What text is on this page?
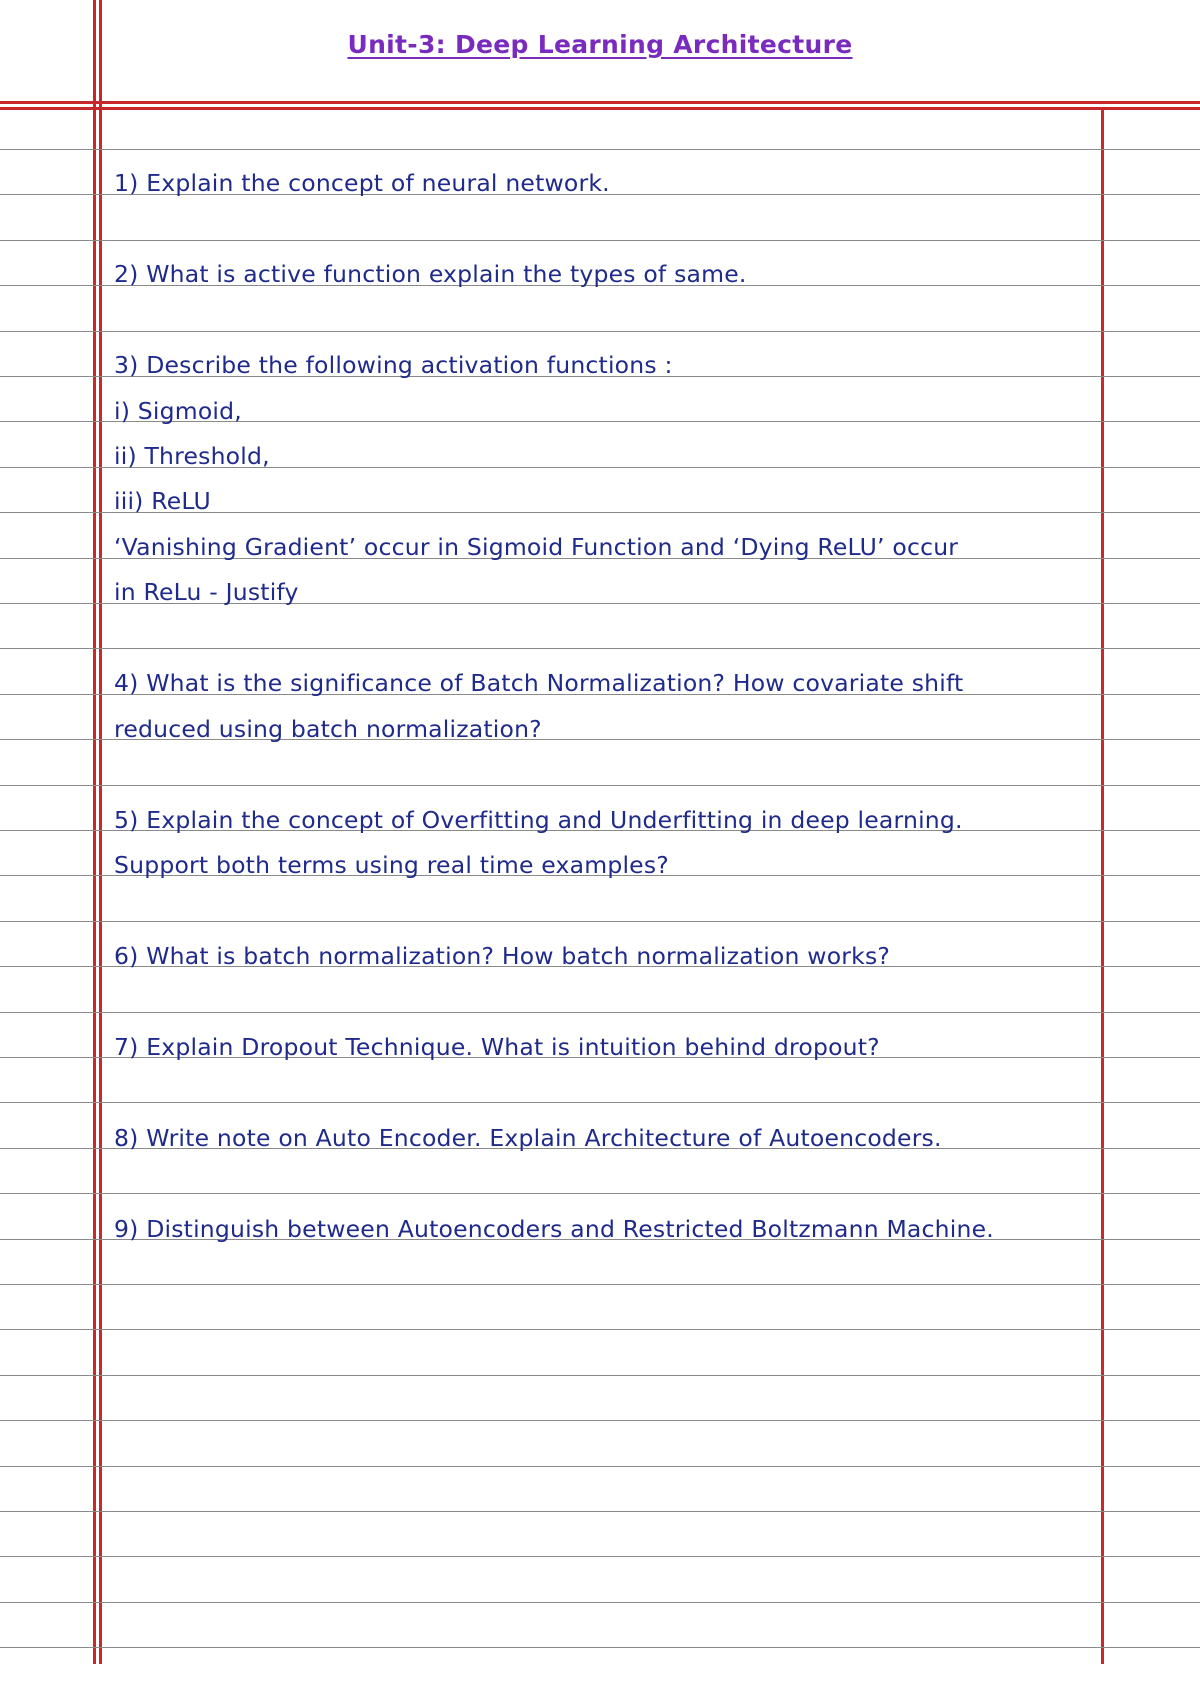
Unit-3: Deep Learning Architecture
1) Explain the concept of neural network.
2) What is active function explain the types of same.
3) Describe the following activation functions :
i) Sigmoid,
ii) Threshold,
iii) ReLU
‘Vanishing Gradient’ occur in Sigmoid Function and ‘Dying ReLU’ occur
in ReLu - Justify
4) What is the significance of Batch Normalization? How covariate shift
reduced using batch normalization?
5) Explain the concept of Overfitting and Underfitting in deep learning.
Support both terms using real time examples?
6) What is batch normalization? How batch normalization works?
7) Explain Dropout Technique. What is intuition behind dropout?
8) Write note on Auto Encoder. Explain Architecture of Autoencoders.
9) Distinguish between Autoencoders and Restricted Boltzmann Machine.
